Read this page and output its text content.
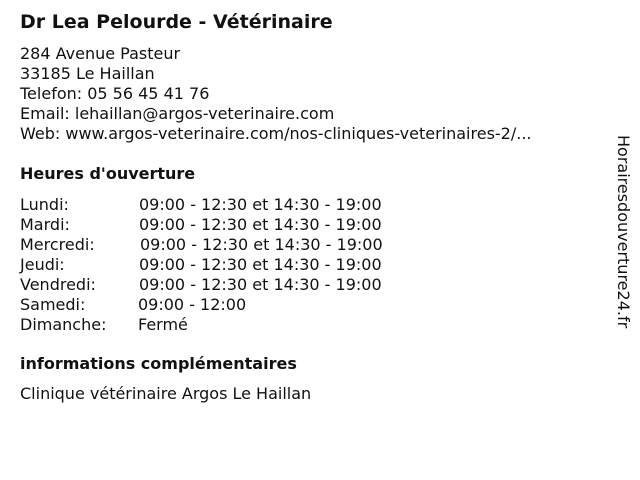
Dr Lea Pelourde - Vétérinaire
284 Avenue Pasteur
33185 Le Haillan
Telefon: 05 56 45 41 76
Email: lehaillan@argos-veterinaire.com
Web: www.argos-veterinaire.com/nos-cliniques-veterinaires-2/...
Heures d'ouverture
Lundi:	09:00 - 12:30 et 14:30 - 19:00
Mardi:	09:00 - 12:30 et 14:30 - 19:00
Mercredi:	09:00 - 12:30 et 14:30 - 19:00
Jeudi:	09:00 - 12:30 et 14:30 - 19:00
Vendredi:	09:00 - 12:30 et 14:30 - 19:00
Samedi:	09:00 - 12:00
Dimanche: Fermé
informations complémentaires
Clinique vétérinaire Argos Le Haillan
Horairesdouverture24.fr
